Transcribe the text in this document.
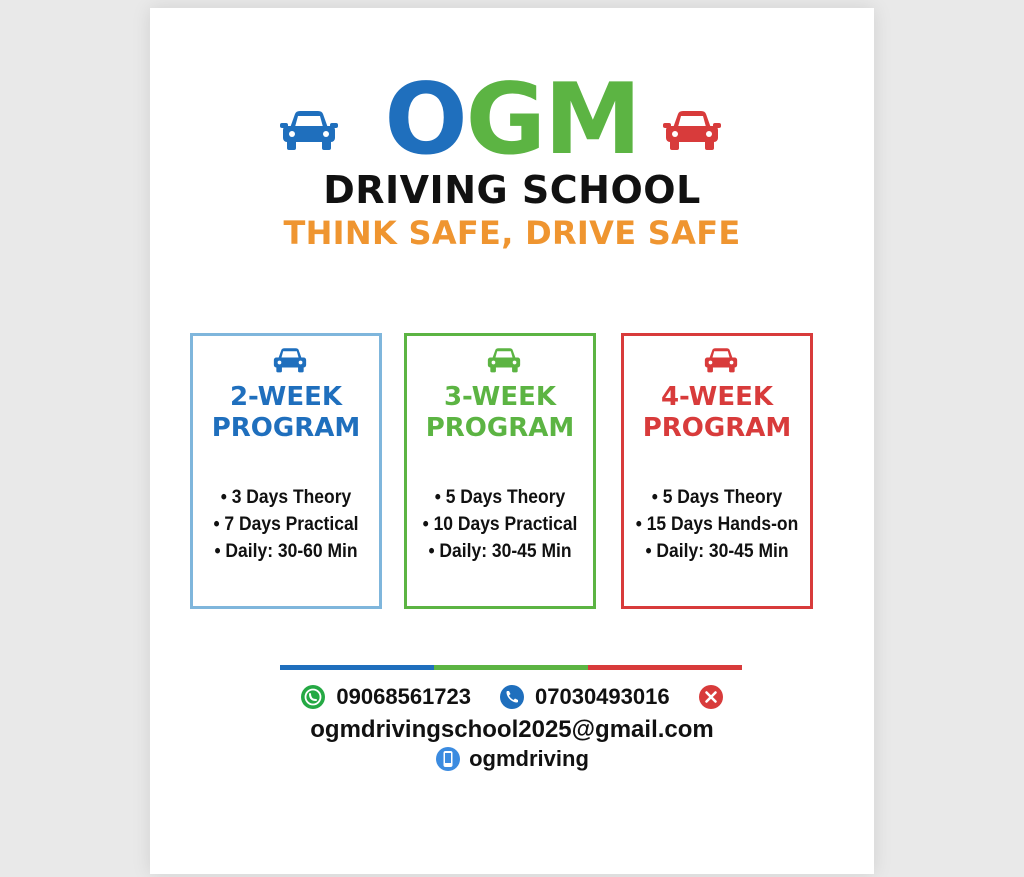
OGM
DRIVING SCHOOL
THINK SAFE, DRIVE SAFE
2-WEEK
PROGRAM
• 3 Days Theory
• 7 Days Practical
• Daily: 30-60 Min
3-WEEK
PROGRAM
• 5 Days Theory
• 10 Days Practical
• Daily: 30-45 Min
4-WEEK
PROGRAM
• 5 Days Theory
• 15 Days Hands-on
• Daily: 30-45 Min
09068561723	07030493016
ogmdrivingschool2025@gmail.com
ogmdriving
